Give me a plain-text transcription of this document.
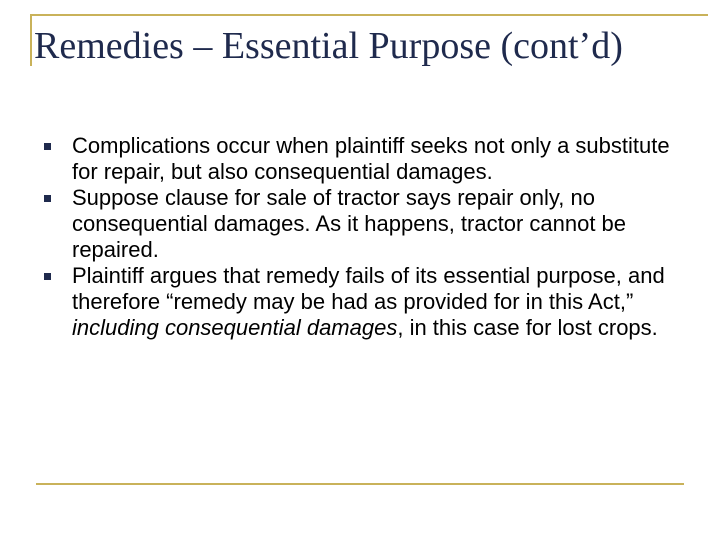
Remedies – Essential Purpose (cont’d)
Complications occur when plaintiff seeks not only a substitute for repair, but also consequential damages.
Suppose clause for sale of tractor says repair only, no consequential damages. As it happens, tractor cannot be repaired.
Plaintiff argues that remedy fails of its essential purpose, and therefore “remedy may be had as provided for in this Act,” including consequential damages, in this case for lost crops.
